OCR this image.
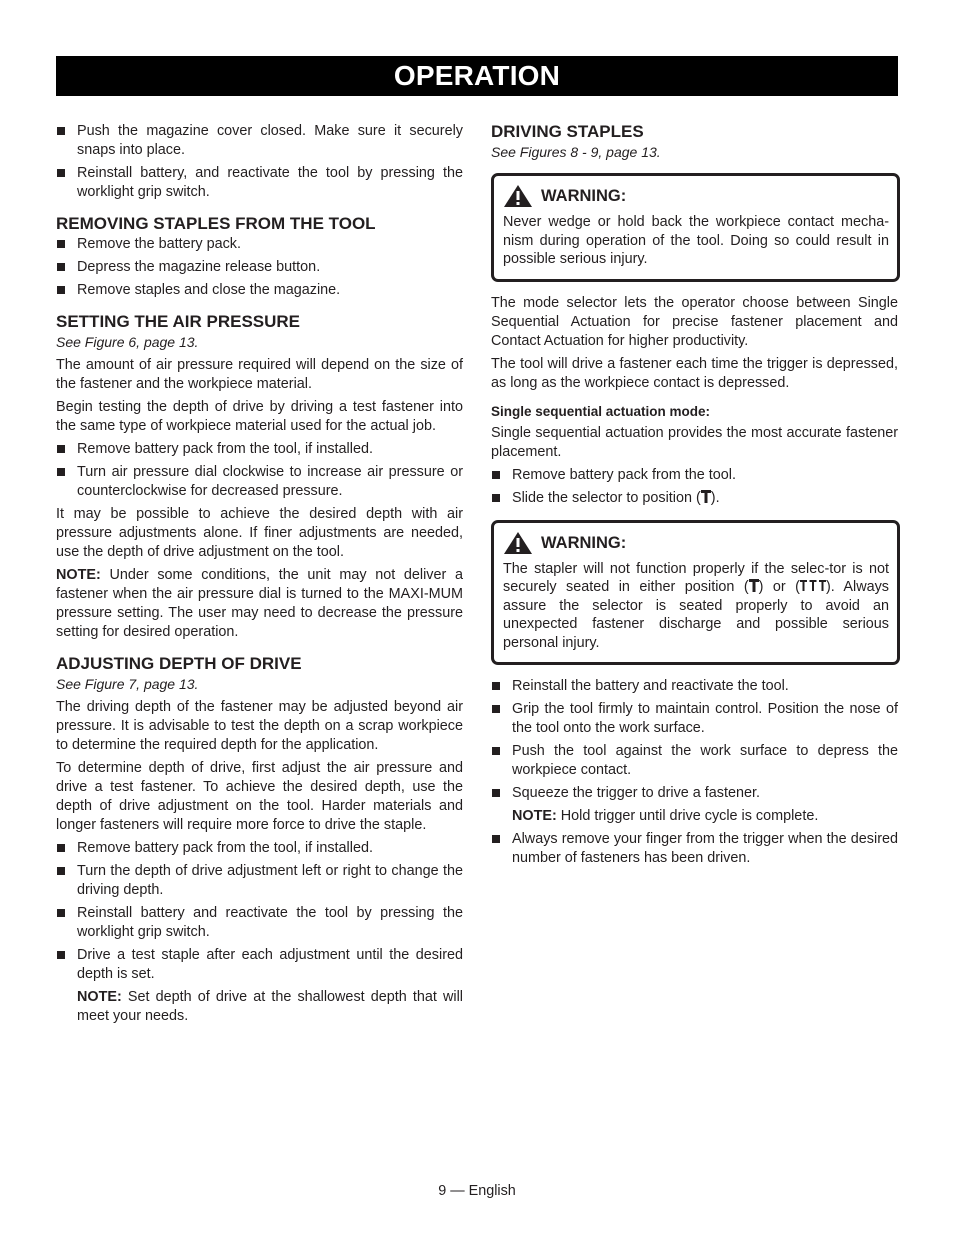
OPERATION
Push the magazine cover closed. Make sure it securely snaps into place.
Reinstall battery, and reactivate the tool by pressing the worklight grip switch.
REMOVING STAPLES FROM THE TOOL
Remove the battery pack.
Depress the magazine release button.
Remove staples and close the magazine.
SETTING THE AIR PRESSURE
See Figure 6, page 13.

The amount of air pressure required will depend on the size of the fastener and the workpiece material.

Begin testing the depth of drive by driving a test fastener into the same type of workpiece material used for the actual job.

Remove battery pack from the tool, if installed.
Turn air pressure dial clockwise to increase air pressure or counterclockwise for decreased pressure.

It may be possible to achieve the desired depth with air pressure adjustments alone. If finer adjustments are needed, use the depth of drive adjustment on the tool.

NOTE: Under some conditions, the unit may not deliver a fastener when the air pressure dial is turned to the MAXI-MUM pressure setting. The user may need to decrease the pressure setting for desired operation.

ADJUSTING DEPTH OF DRIVE
See Figure 7, page 13.

The driving depth of the fastener may be adjusted beyond air pressure. It is advisable to test the depth on a scrap workpiece to determine the required depth for the application.

To determine depth of drive, first adjust the air pressure and drive a test fastener. To achieve the desired depth, use the depth of drive adjustment on the tool. Harder materials and longer fasteners will require more force to drive the staple.

Remove battery pack from the tool, if installed.
Turn the depth of drive adjustment left or right to change the driving depth.
Reinstall battery and reactivate the tool by pressing the worklight grip switch.
Drive a test staple after each adjustment until the desired depth is set.

NOTE: Set depth of drive at the shallowest depth that will meet your needs.

DRIVING STAPLES
See Figures 8 - 9, page 13.
WARNING:
Never wedge or hold back the workpiece contact mecha-nism during operation of the tool. Doing so could result in possible serious injury.

The mode selector lets the operator choose between Single Sequential Actuation for precise fastener placement and Contact Actuation for higher productivity.

The tool will drive a fastener each time the trigger is depressed, as long as the workpiece contact is depressed.

Single sequential actuation mode:

Single sequential actuation provides the most accurate fastener placement.

Remove battery pack from the tool.
Slide the selector to position ( ).
WARNING:
The stapler will not function properly if the selec-tor is not securely seated in either position ( ) or ( ). Always assure the selector is seated properly to avoid an unexpected fastener discharge and possible serious personal injury.
Reinstall the battery and reactivate the tool.
Grip the tool firmly to maintain control. Position the nose of the tool onto the work surface.
Push the tool against the work surface to depress the workpiece contact.
Squeeze the trigger to drive a fastener.

NOTE: Hold trigger until drive cycle is complete.

Always remove your finger from the trigger when the desired number of fasteners has been driven.
9 — English
